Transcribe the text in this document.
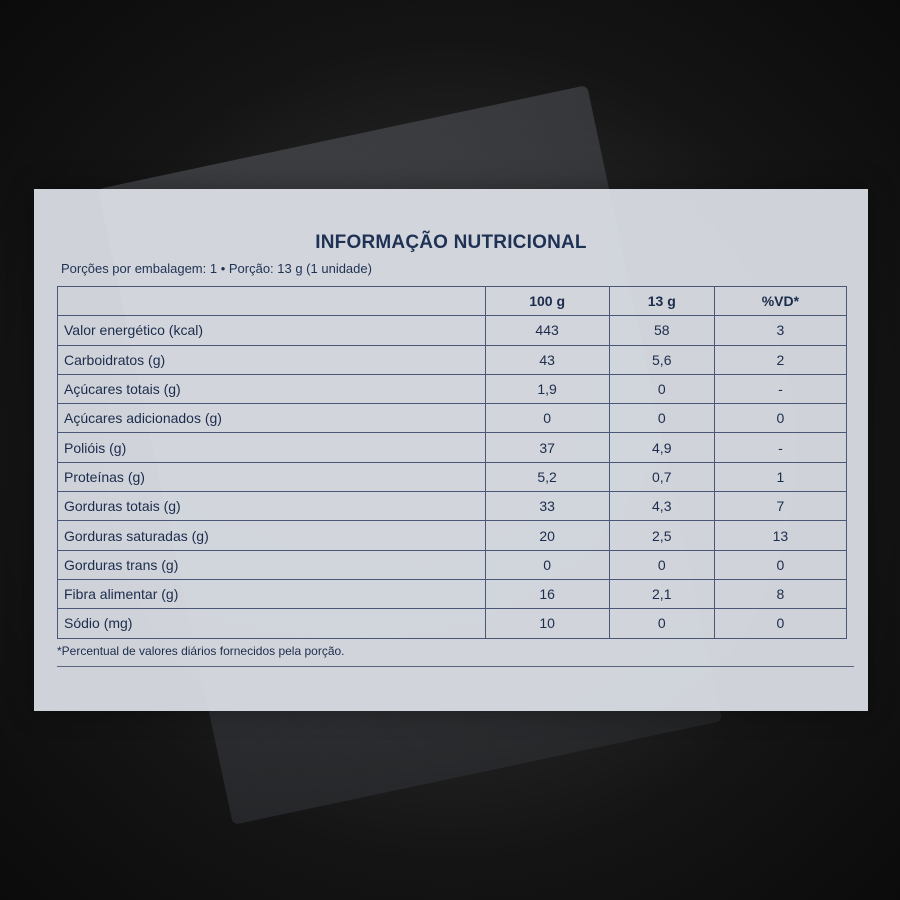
INFORMAÇÃO NUTRICIONAL
Porções por embalagem: 1 • Porção: 13 g (1 unidade)
	100 g	13 g	%VD*
Valor energético (kcal)	443	58	3
Carboidratos (g)	43	5,6	2
Açúcares totais (g)	1,9	0	-
Açúcares adicionados (g)	0	0	0
Polióis (g)	37	4,9	-
Proteínas (g)	5,2	0,7	1
Gorduras totais (g)	33	4,3	7
Gorduras saturadas (g)	20	2,5	13
Gorduras trans (g)	0	0	0
Fibra alimentar (g)	16	2,1	8
Sódio (mg)	10	0	0
*Percentual de valores diários fornecidos pela porção.
